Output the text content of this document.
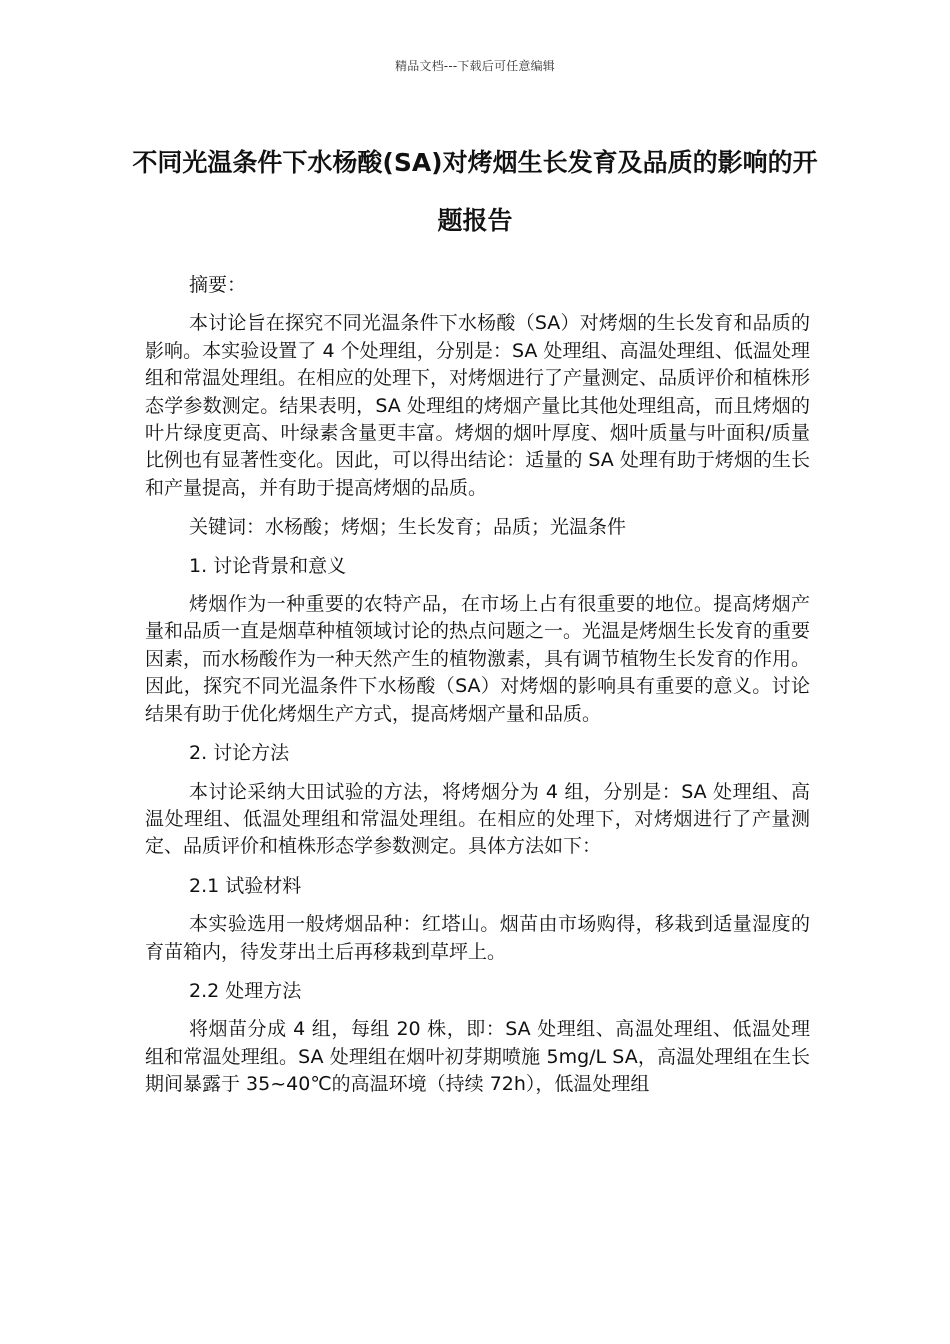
精品文档---下载后可任意编辑
不同光温条件下水杨酸(SA)对烤烟生长发育及品质的影响的开题报告

摘要：

本讨论旨在探究不同光温条件下水杨酸（SA）对烤烟的生长发育和品质的影响。本实验设置了 4 个处理组，分别是：SA 处理组、高温处理组、低温处理组和常温处理组。在相应的处理下，对烤烟进行了产量测定、品质评价和植株形态学参数测定。结果表明，SA 处理组的烤烟产量比其他处理组高，而且烤烟的叶片绿度更高、叶绿素含量更丰富。烤烟的烟叶厚度、烟叶质量与叶面积/质量比例也有显著性变化。因此，可以得出结论：适量的 SA 处理有助于烤烟的生长和产量提高，并有助于提高烤烟的品质。

关键词：水杨酸；烤烟；生长发育；品质；光温条件

1. 讨论背景和意义

烤烟作为一种重要的农特产品，在市场上占有很重要的地位。提高烤烟产量和品质一直是烟草种植领域讨论的热点问题之一。光温是烤烟生长发育的重要因素，而水杨酸作为一种天然产生的植物激素，具有调节植物生长发育的作用。因此，探究不同光温条件下水杨酸（SA）对烤烟的影响具有重要的意义。讨论结果有助于优化烤烟生产方式，提高烤烟产量和品质。

2. 讨论方法

本讨论采纳大田试验的方法，将烤烟分为 4 组，分别是：SA 处理组、高温处理组、低温处理组和常温处理组。在相应的处理下，对烤烟进行了产量测定、品质评价和植株形态学参数测定。具体方法如下：

2.1 试验材料

本实验选用一般烤烟品种：红塔山。烟苗由市场购得，移栽到适量湿度的育苗箱内，待发芽出土后再移栽到草坪上。

2.2 处理方法

将烟苗分成 4 组，每组 20 株，即：SA 处理组、高温处理组、低温处理组和常温处理组。SA 处理组在烟叶初芽期喷施 5mg/L SA，高温处理组在生长期间暴露于 35~40℃的高温环境（持续 72h），低温处理组
